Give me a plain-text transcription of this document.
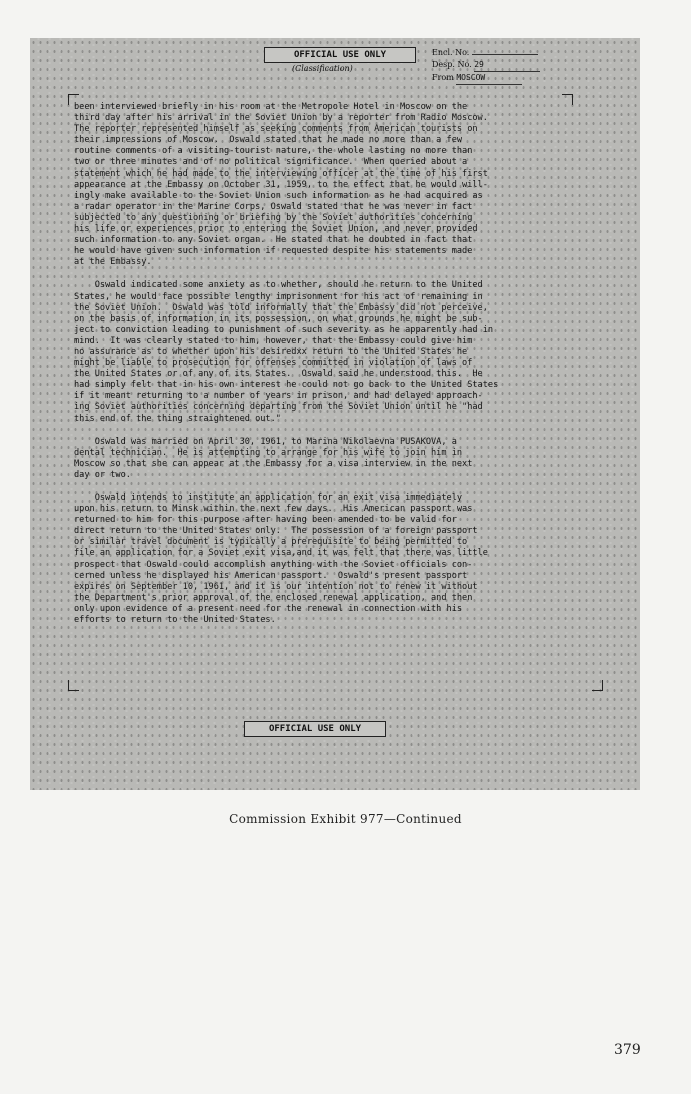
OFFICIAL USE ONLY
(Classification)
Encl. No.
Desp. No. 29
From MOSCOW

been interviewed briefly in his room at the Metropole Hotel in Moscow on the
third day after his arrival in the Soviet Union by a reporter from Radio Moscow.
The reporter represented himself as seeking comments from American tourists on
their impressions of Moscow.  Oswald stated that he made no more than a few
routine comments of a visiting-tourist nature, the whole lasting no more than
two or three minutes and of no political significance.  When queried about a
statement which he had made to the interviewing officer at the time of his first
appearance at the Embassy on October 31, 1959, to the effect that he would will-
ingly make available to the Soviet Union such information as he had acquired as
a radar operator in the Marine Corps, Oswald stated that he was never in fact
subjected to any questioning or briefing by the Soviet authorities concerning
his life or experiences prior to entering the Soviet Union, and never provided
such information to any Soviet organ.  He stated that he doubted in fact that
he would have given such information if requested despite his statements made
at the Embassy.

Oswald indicated some anxiety as to whether, should he return to the United
States, he would face possible lengthy imprisonment for his act of remaining in
the Soviet Union.  Oswald was told informally that the Embassy did not perceive,
on the basis of information in its possession, on what grounds he might be sub-
ject to conviction leading to punishment of such severity as he apparently had in
mind.  It was clearly stated to him, however, that the Embassy could give him
no assurance as to whether upon his desiredxx return to the United States he
might be liable to prosecution for offenses committed in violation of laws of
the United States or of any of its States.  Oswald said he understood this.  He
had simply felt that in his own interest he could not go back to the United States
if it meant returning to a number of years in prison, and had delayed approach-
ing Soviet authorities concerning departing from the Soviet Union until he "had
this end of the thing straightened out."

Oswald was married on April 30, 1961, to Marina Nikolaevna PUSAKOVA, a
dental technician.  He is attempting to arrange for his wife to join him in
Moscow so that she can appear at the Embassy for a visa interview in the next
day or two.

Oswald intends to institute an application for an exit visa immediately
upon his return to Minsk within the next few days.  His American passport was
returned to him for this purpose after having been amended to be valid for
direct return to the United States only.  The possession of a foreign passport
or similar travel document is typically a prerequisite to being permitted to
file an application for a Soviet exit visa,and it was felt that there was little
prospect that Oswald could accomplish anything with the Soviet officials con-
cerned unless he displayed his American passport.  Oswald's present passport
expires on September 10, 1961, and it is our intention not to renew it without
the Department's prior approval of the enclosed renewal application, and then
only upon evidence of a present need for the renewal in connection with his
efforts to return to the United States.

OFFICIAL USE ONLY
Commission Exhibit 977—Continued
379
